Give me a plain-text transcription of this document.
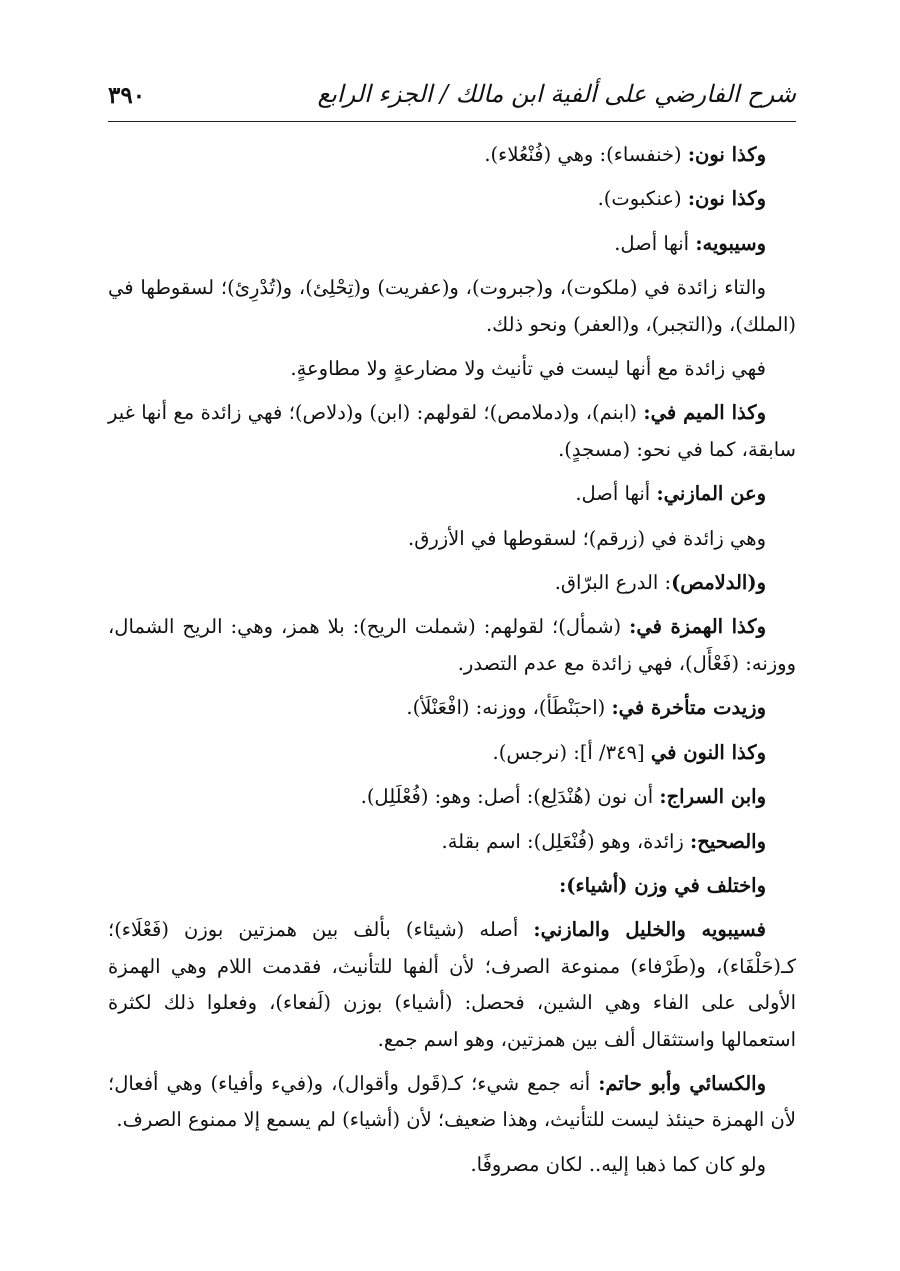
٣٩٠	شرح الفارضي على ألفية ابن مالك / الجزء الرابع

وكذا نون: (خنفساء): وهي (فُنْعُلاء).

وكذا نون: (عنكبوت).

وسيبويه: أنها أصل.

والتاء زائدة في (ملكوت)، و(جبروت)، و(عفريت) و(تِحْلِئ)، و(تُدْرِئ)؛ لسقوطها في (الملك)، و(التجبر)، و(العفر) ونحو ذلك.

فهي زائدة مع أنها ليست في تأنيث ولا مضارعةٍ ولا مطاوعةٍ.

وكذا الميم في: (ابنم)، و(دملامص)؛ لقولهم: (ابن) و(دلاص)؛ فهي زائدة مع أنها غير سابقة، كما في نحو: (مسجدٍ).

وعن المازني: أنها أصل.

وهي زائدة في (زرقم)؛ لسقوطها في الأزرق.

و(الدلامص): الدرع البرّاق.

وكذا الهمزة في: (شمأل)؛ لقولهم: (شملت الريح): بلا همز، وهي: الريح الشمال، ووزنه: (فَعْأَل)، فهي زائدة مع عدم التصدر.

وزيدت متأخرة في: (احبَنْطَأ)، ووزنه: (افْعَنْلَأ).

وكذا النون في [٣٤٩/ أ]: (نرجس).

وابن السراج: أن نون (هُنْدَلِع): أصل: وهو: (فُعْلَلِل).

والصحيح: زائدة، وهو (فُنْعَلِل): اسم بقلة.

واختلف في وزن (أشياء):

فسيبويه والخليل والمازني: أصله (شيئاء) بألف بين همزتين بوزن (فَعْلَاء)؛ كـ(حَلْفَاء)، و(طَرْفاء) ممنوعة الصرف؛ لأن ألفها للتأنيث، فقدمت اللام وهي الهمزة الأولى على الفاء وهي الشين، فحصل: (أشياء) بوزن (لَفعاء)، وفعلوا ذلك لكثرة استعمالها واستثقال ألف بين همزتين، وهو اسم جمع.

والكسائي وأبو حاتم: أنه جمع شيء؛ كـ(قَول وأقوال)، و(فيء وأفياء) وهي أفعال؛ لأن الهمزة حينئذ ليست للتأنيث، وهذا ضعيف؛ لأن (أشياء) لم يسمع إلا ممنوع الصرف.

ولو كان كما ذهبا إليه.. لكان مصروفًا.
